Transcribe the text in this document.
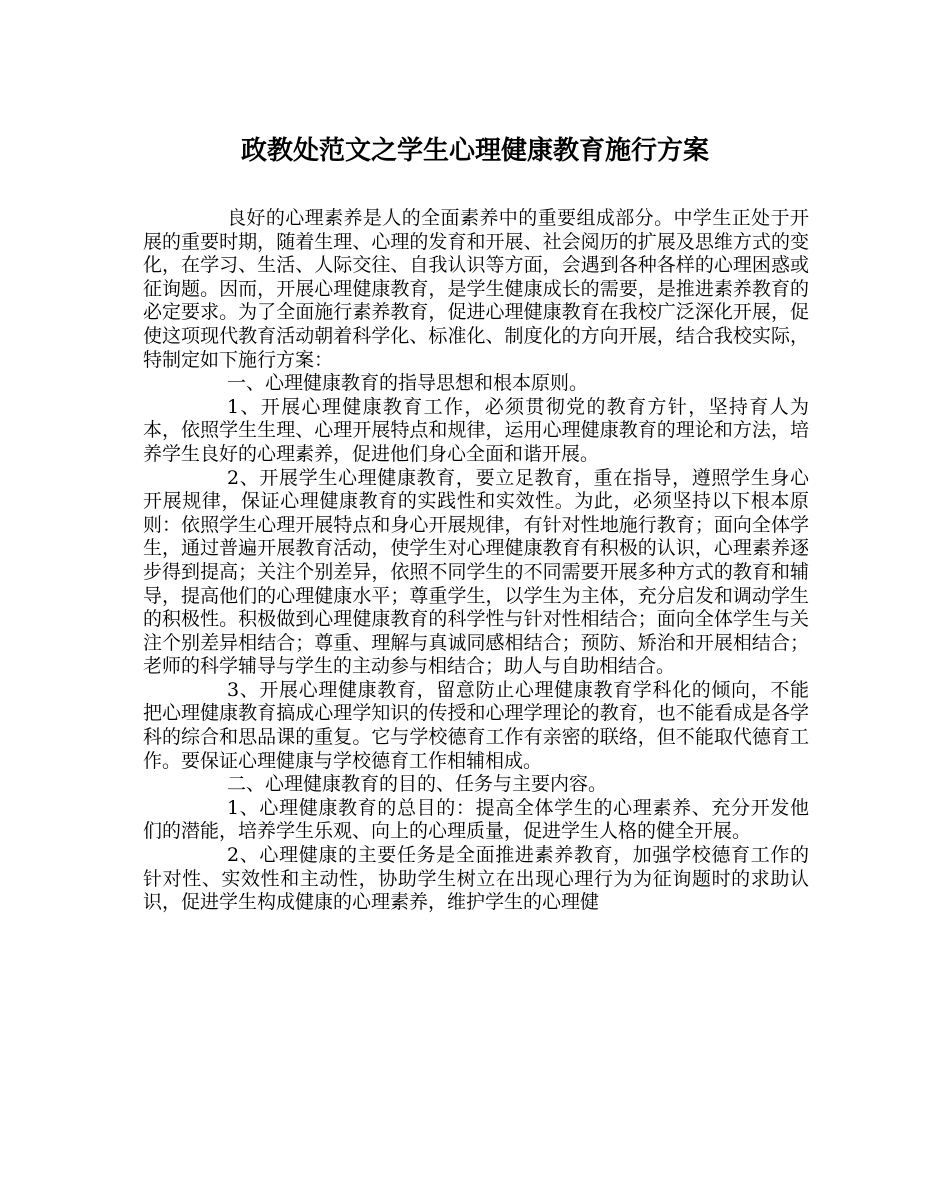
政教处范文之学生心理健康教育施行方案

良好的心理素养是人的全面素养中的重要组成部分。中学生正处于开展的重要时期，随着生理、心理的发育和开展、社会阅历的扩展及思维方式的变化，在学习、生活、人际交往、自我认识等方面，会遇到各种各样的心理困惑或征询题。因而，开展心理健康教育，是学生健康成长的需要，是推进素养教育的必定要求。为了全面施行素养教育，促进心理健康教育在我校广泛深化开展，促使这项现代教育活动朝着科学化、标准化、制度化的方向开展，结合我校实际，特制定如下施行方案：

一、心理健康教育的指导思想和根本原则。

1、开展心理健康教育工作，必须贯彻党的教育方针，坚持育人为本，依照学生生理、心理开展特点和规律，运用心理健康教育的理论和方法，培养学生良好的心理素养，促进他们身心全面和谐开展。

2、开展学生心理健康教育，要立足教育，重在指导，遵照学生身心开展规律，保证心理健康教育的实践性和实效性。为此，必须坚持以下根本原则：依照学生心理开展特点和身心开展规律，有针对性地施行教育；面向全体学生，通过普遍开展教育活动，使学生对心理健康教育有积极的认识，心理素养逐步得到提高；关注个别差异，依照不同学生的不同需要开展多种方式的教育和辅导，提高他们的心理健康水平；尊重学生，以学生为主体，充分启发和调动学生的积极性。积极做到心理健康教育的科学性与针对性相结合；面向全体学生与关注个别差异相结合；尊重、理解与真诚同感相结合；预防、矫治和开展相结合；老师的科学辅导与学生的主动参与相结合；助人与自助相结合。

3、开展心理健康教育，留意防止心理健康教育学科化的倾向，不能把心理健康教育搞成心理学知识的传授和心理学理论的教育，也不能看成是各学科的综合和思品课的重复。它与学校德育工作有亲密的联络，但不能取代德育工作。要保证心理健康与学校德育工作相辅相成。

二、心理健康教育的目的、任务与主要内容。

1、心理健康教育的总目的：提高全体学生的心理素养、充分开发他们的潜能，培养学生乐观、向上的心理质量，促进学生人格的健全开展。

2、心理健康的主要任务是全面推进素养教育，加强学校德育工作的针对性、实效性和主动性，协助学生树立在出现心理行为为征询题时的求助认识，促进学生构成健康的心理素养，维护学生的心理健
